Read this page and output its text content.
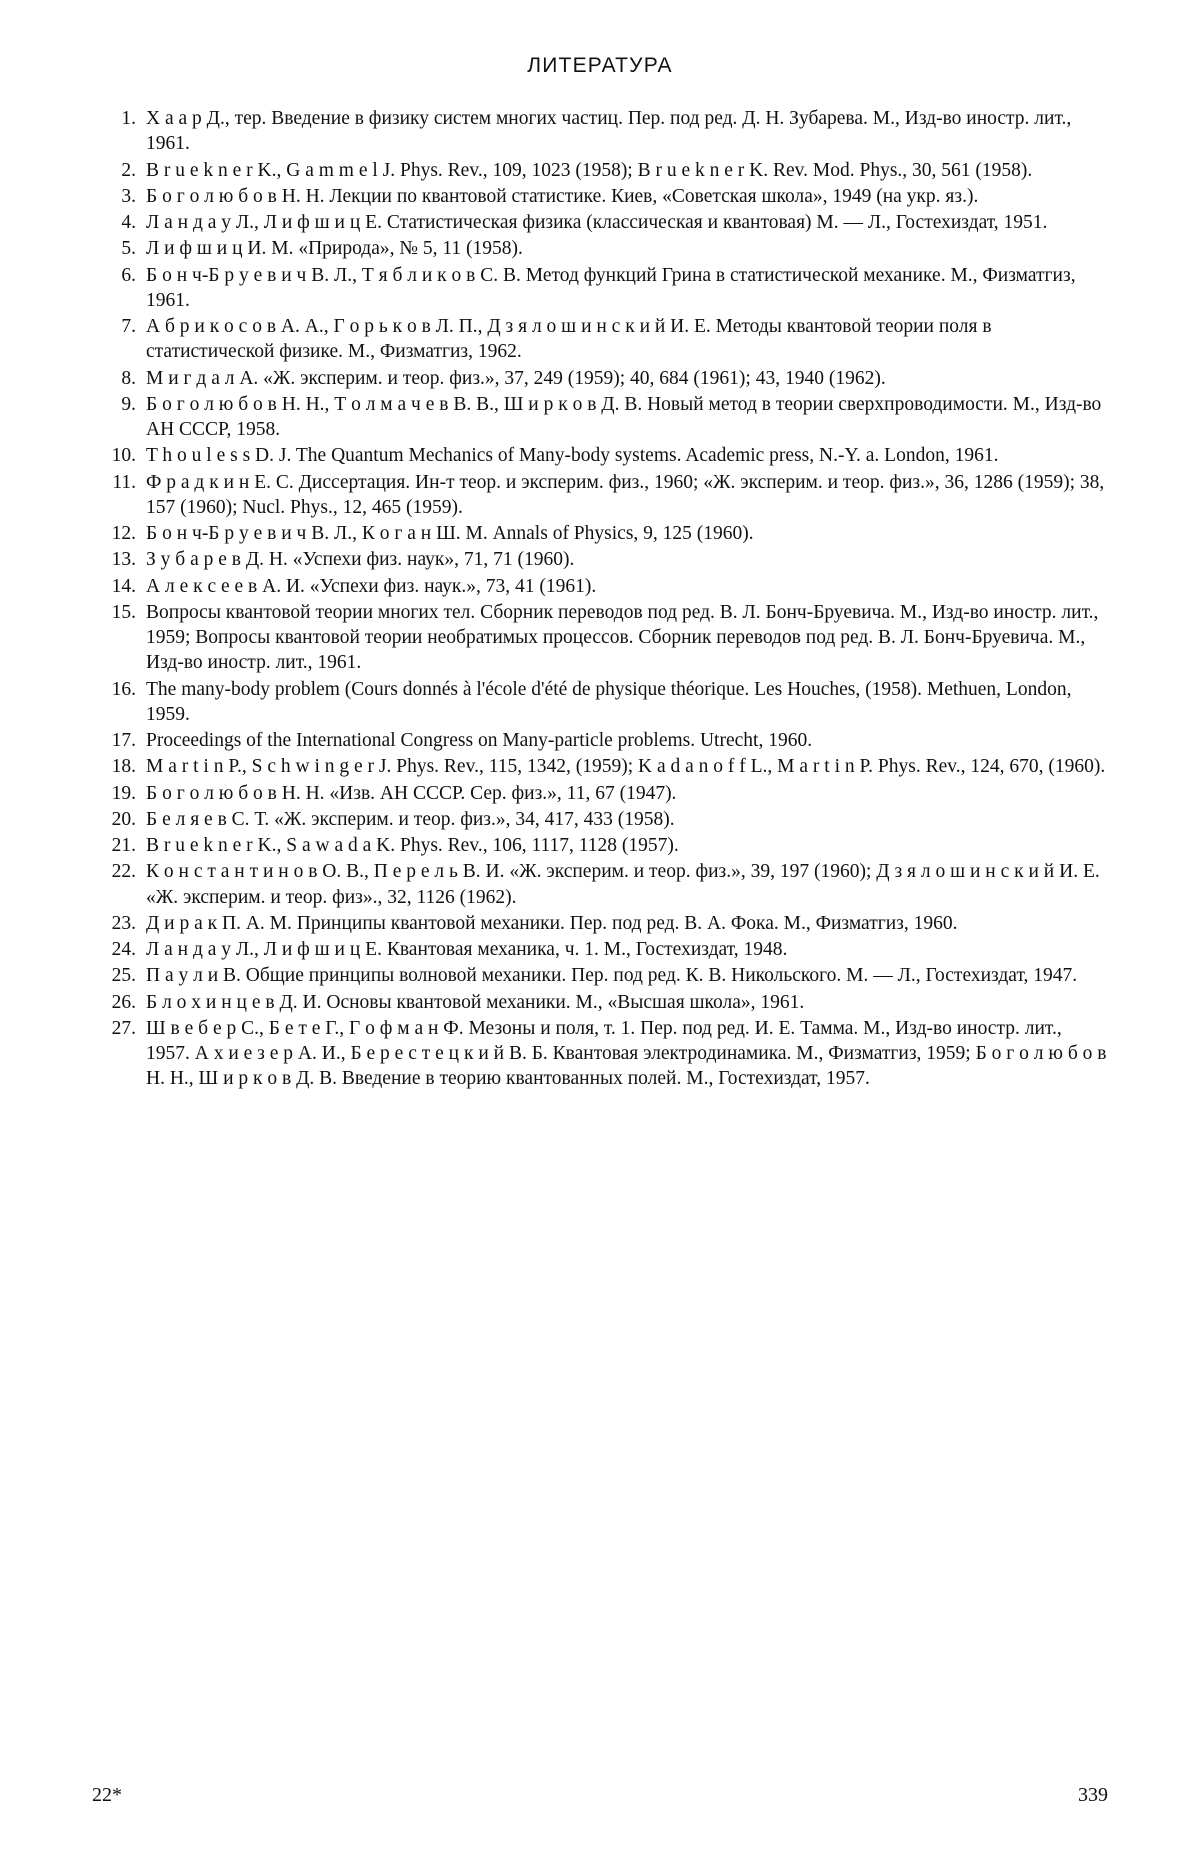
ЛИТЕРАТУРА
1. Х а а р Д., тер. Введение в физику систем многих частиц. Пер. под ред. Д. Н. Зубарева. М., Изд-во иностр. лит., 1961.
2. B r u e k n e r K., G a m m e l J. Phys. Rev., 109, 1023 (1958); B r u e k n e r K. Rev. Mod. Phys., 30, 561 (1958).
3. Б о г о л ю б о в Н. Н. Лекции по квантовой статистике. Киев, «Советская школа», 1949 (на укр. яз.).
4. Л а н д а у Л., Л и ф ш и ц Е. Статистическая физика (классическая и квантовая) М. — Л., Гостехиздат, 1951.
5. Л и ф ш и ц И. М. «Природа», № 5, 11 (1958).
6. Б о н ч-Б р у е в и ч В. Л., Т я б л и к о в С. В. Метод функций Грина в статистической механике. М., Физматгиз, 1961.
7. А б р и к о с о в А. А., Г о р ь к о в Л. П., Д з я л о ш и н с к и й И. Е. Методы квантовой теории поля в статистической физике. М., Физматгиз, 1962.
8. М и г д а л А. «Ж. эксперим. и теор. физ.», 37, 249 (1959); 40, 684 (1961); 43, 1940 (1962).
9. Б о г о л ю б о в Н. Н., Т о л м а ч е в В. В., Ш и р к о в Д. В. Новый метод в теории сверхпроводимости. М., Изд-во АН СССР, 1958.
10. T h o u l e s s D. J. The Quantum Mechanics of Many-body systems. Academic press, N.-Y. a. London, 1961.
11. Ф р а д к и н Е. С. Диссертация. Ин-т теор. и эксперим. физ., 1960; «Ж. эксперим. и теор. физ.», 36, 1286 (1959); 38, 157 (1960); Nucl. Phys., 12, 465 (1959).
12. Б о н ч-Б р у е в и ч В. Л., К о г а н Ш. М. Annals of Physics, 9, 125 (1960).
13. З у б а р е в Д. Н. «Успехи физ. наук», 71, 71 (1960).
14. А л е к с е е в А. И. «Успехи физ. наук.», 73, 41 (1961).
15. Вопросы квантовой теории многих тел. Сборник переводов под ред. В. Л. Бонч-Бруевича. М., Изд-во иностр. лит., 1959; Вопросы квантовой теории необратимых процессов. Сборник переводов под ред. В. Л. Бонч-Бруевича. М., Изд-во иностр. лит., 1961.
16. The many-body problem (Cours donnés à l'école d'été de physique théorique. Les Houches, (1958). Methuen, London, 1959.
17. Proceedings of the International Congress on Many-particle problems. Utrecht, 1960.
18. M a r t i n P., S c h w i n g e r J. Phys. Rev., 115, 1342, (1959); K a d a n o f f L., M a r t i n P. Phys. Rev., 124, 670, (1960).
19. Б о г о л ю б о в Н. Н. «Изв. АН СССР. Сер. физ.», 11, 67 (1947).
20. Б е л я е в С. Т. «Ж. эксперим. и теор. физ.», 34, 417, 433 (1958).
21. B r u e k n e r K., S a w a d a K. Phys. Rev., 106, 1117, 1128 (1957).
22. К о н с т а н т и н о в О. В., П е р е л ь В. И. «Ж. эксперим. и теор. физ.», 39, 197 (1960); Д з я л о ш и н с к и й И. Е. «Ж. эксперим. и теор. физ»., 32, 1126 (1962).
23. Д и р а к П. А. М. Принципы квантовой механики. Пер. под ред. В. А. Фока. М., Физматгиз, 1960.
24. Л а н д а у Л., Л и ф ш и ц Е. Квантовая механика, ч. 1. М., Гостехиздат, 1948.
25. П а у л и В. Общие принципы волновой механики. Пер. под ред. К. В. Никольского. М. — Л., Гостехиздат, 1947.
26. Б л о х и н ц е в Д. И. Основы квантовой механики. М., «Высшая школа», 1961.
27. Ш в е б е р С., Б е т е Г., Г о ф м а н Ф. Мезоны и поля, т. 1. Пер. под ред. И. Е. Тамма. М., Изд-во иностр. лит., 1957. А х и е з е р А. И., Б е р е с т е ц к и й В. Б. Квантовая электродинамика. М., Физматгиз, 1959; Б о г о л ю б о в Н. Н., Ш и р к о в Д. В. Введение в теорию квантованных полей. М., Гостехиздат, 1957.
22*	339
